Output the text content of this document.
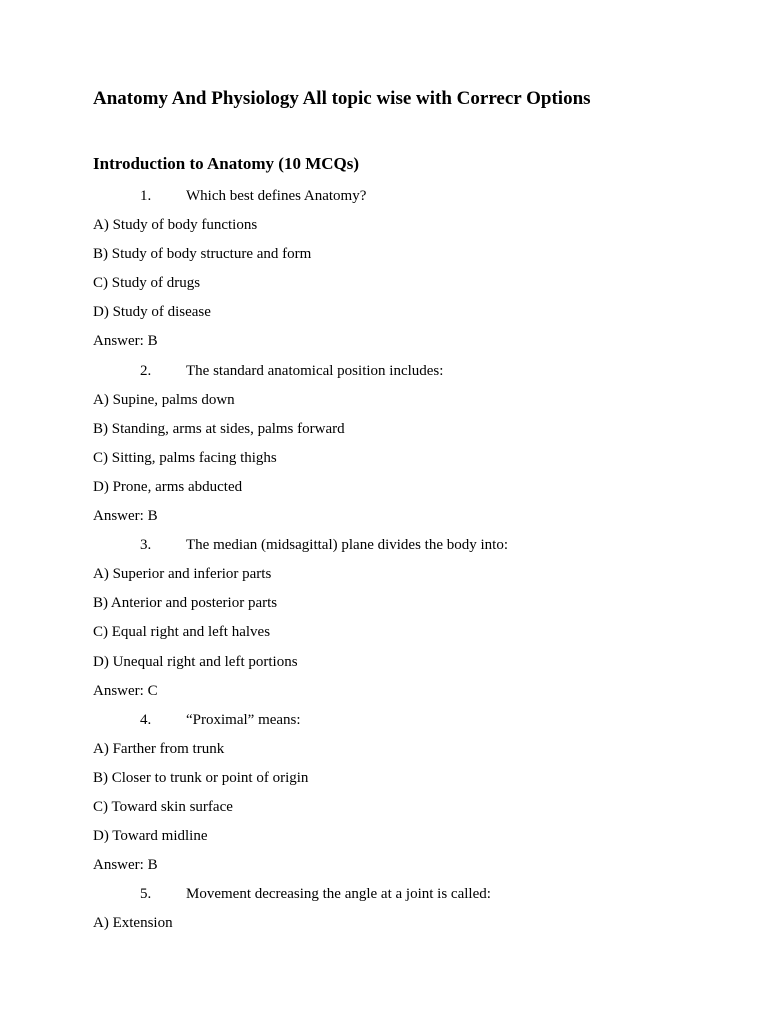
Anatomy And Physiology All topic wise with Correcr Options
Introduction to Anatomy (10 MCQs)
1. Which best defines Anatomy?
A) Study of body functions
B) Study of body structure and form
C) Study of drugs
D) Study of disease
Answer: B
2. The standard anatomical position includes:
A) Supine, palms down
B) Standing, arms at sides, palms forward
C) Sitting, palms facing thighs
D) Prone, arms abducted
Answer: B
3. The median (midsagittal) plane divides the body into:
A) Superior and inferior parts
B) Anterior and posterior parts
C) Equal right and left halves
D) Unequal right and left portions
Answer: C
4. “Proximal” means:
A) Farther from trunk
B) Closer to trunk or point of origin
C) Toward skin surface
D) Toward midline
Answer: B
5. Movement decreasing the angle at a joint is called:
A) Extension
